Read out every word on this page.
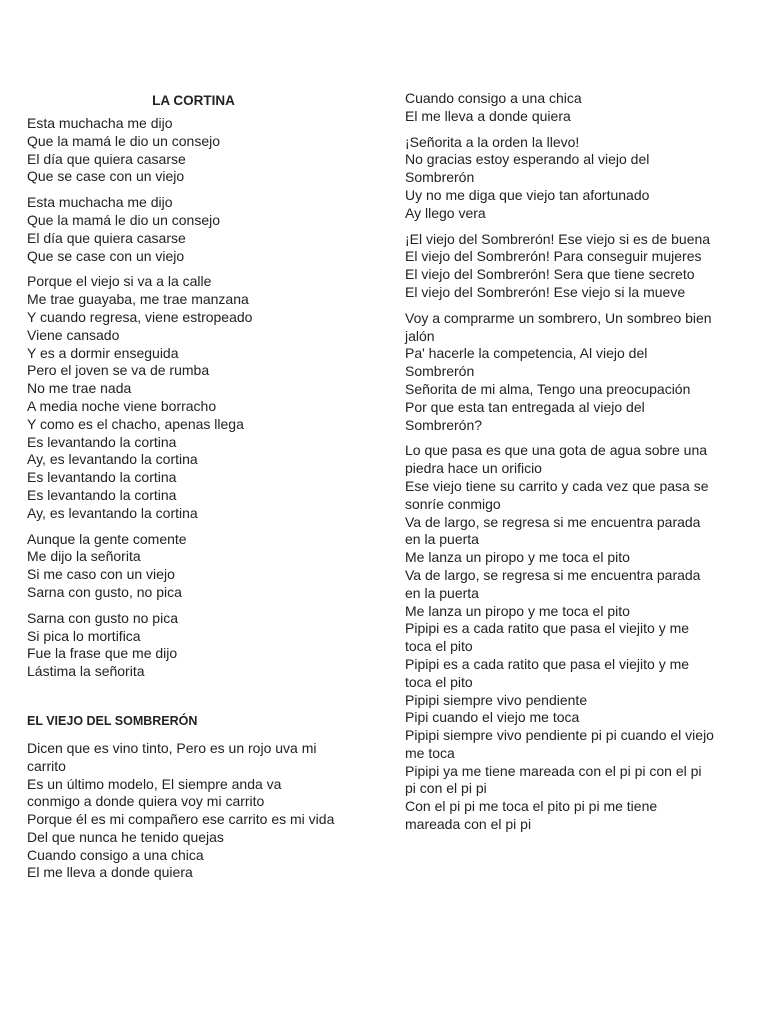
LA CORTINA

Esta muchacha me dijo
Que la mamá le dio un consejo
El día que quiera casarse
Que se case con un viejo

Esta muchacha me dijo
Que la mamá le dio un consejo
El día que quiera casarse
Que se case con un viejo

Porque el viejo si va a la calle
Me trae guayaba, me trae manzana
Y cuando regresa, viene estropeado
Viene cansado
Y es a dormir enseguida
Pero el joven se va de rumba
No me trae nada
A media noche viene borracho
Y como es el chacho, apenas llega
Es levantando la cortina
Ay, es levantando la cortina
Es levantando la cortina
Es levantando la cortina
Ay, es levantando la cortina

Aunque la gente comente
Me dijo la señorita
Si me caso con un viejo
Sarna con gusto, no pica

Sarna con gusto no pica
Si pica lo mortifica
Fue la frase que me dijo
Lástima la señorita

EL VIEJO DEL SOMBRERÓN

Dicen que es vino tinto, Pero es un rojo uva mi
carrito
Es un último modelo, El siempre anda va
conmigo a donde quiera voy mi carrito
Porque él es mi compañero ese carrito es mi vida
Del que nunca he tenido quejas
Cuando consigo a una chica
El me lleva a donde quiera

Cuando consigo a una chica
El me lleva a donde quiera

¡Señorita a la orden la llevo!
No gracias estoy esperando al viejo del
Sombrerón
Uy no me diga que viejo tan afortunado
Ay llego vera

¡El viejo del Sombrerón! Ese viejo si es de buena
El viejo del Sombrerón! Para conseguir mujeres
El viejo del Sombrerón! Sera que tiene secreto
El viejo del Sombrerón! Ese viejo si la mueve

Voy a comprarme un sombrero, Un sombreo bien
jalón
Pa' hacerle la competencia, Al viejo del
Sombrerón
Señorita de mi alma, Tengo una preocupación
Por que esta tan entregada al viejo del
Sombrerón?

Lo que pasa es que una gota de agua sobre una
piedra hace un orificio
Ese viejo tiene su carrito y cada vez que pasa se
sonríe conmigo
Va de largo, se regresa si me encuentra parada
en la puerta
Me lanza un piropo y me toca el pito
Va de largo, se regresa si me encuentra parada
en la puerta
Me lanza un piropo y me toca el pito
Pipipi es a cada ratito que pasa el viejito y me
toca el pito
Pipipi es a cada ratito que pasa el viejito y me
toca el pito
Pipipi siempre vivo pendiente
Pipi cuando el viejo me toca
Pipipi siempre vivo pendiente pi pi cuando el viejo
me toca
Pipipi ya me tiene mareada con el pi pi con el pi
pi con el pi pi
Con el pi pi me toca el pito pi pi me tiene
mareada con el pi pi
